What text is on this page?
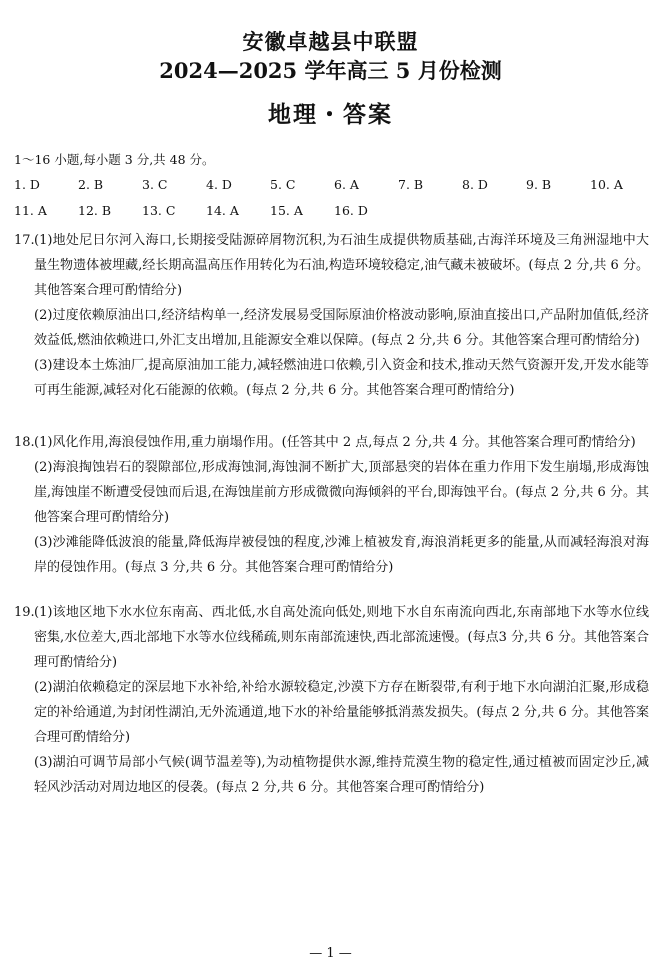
安徽卓越县中联盟
2024—2025 学年高三 5 月份检测
地理・答案
1～16 小题,每小题 3 分,共 48 分。
1. D	2. B	3. C	4. D	5. C	6. A	7. B	8. D	9. B	10. A
11. A 12. B 13. C 14. A 15. A 16. D
17. (1)地处尼日尔河入海口,长期接受陆源碎屑物沉积,为石油生成提供物质基础,古海洋环境及三角洲湿地中大量生物遗体被埋藏,经长期高温高压作用转化为石油,构造环境较稳定,油气藏未被破坏。(每点 2 分,共 6 分。其他答案合理可酌情给分)
(2)过度依赖原油出口,经济结构单一,经济发展易受国际原油价格波动影响,原油直接出口,产品附加值低,经济效益低,燃油依赖进口,外汇支出增加,且能源安全难以保障。(每点 2 分,共 6 分。其他答案合理可酌情给分)
(3)建设本土炼油厂,提高原油加工能力,减轻燃油进口依赖,引入资金和技术,推动天然气资源开发,开发水能等可再生能源,减轻对化石能源的依赖。(每点 2 分,共 6 分。其他答案合理可酌情给分)
18. (1)风化作用,海浪侵蚀作用,重力崩塌作用。(任答其中 2 点,每点 2 分,共 4 分。其他答案合理可酌情给分)
(2)海浪掏蚀岩石的裂隙部位,形成海蚀洞,海蚀洞不断扩大,顶部悬突的岩体在重力作用下发生崩塌,形成海蚀崖,海蚀崖不断遭受侵蚀而后退,在海蚀崖前方形成微微向海倾斜的平台,即海蚀平台。(每点 2 分,共 6 分。其他答案合理可酌情给分)
(3)沙滩能降低波浪的能量,降低海岸被侵蚀的程度,沙滩上植被发育,海浪消耗更多的能量,从而减轻海浪对海岸的侵蚀作用。(每点 3 分,共 6 分。其他答案合理可酌情给分)
19. (1)该地区地下水水位东南高、西北低,水自高处流向低处,则地下水自东南流向西北,东南部地下水等水位线密集,水位差大,西北部地下水等水位线稀疏,则东南部流速快,西北部流速慢。(每点3 分,共 6 分。其他答案合理可酌情给分)
(2)湖泊依赖稳定的深层地下水补给,补给水源较稳定,沙漠下方存在断裂带,有利于地下水向湖泊汇聚,形成稳定的补给通道,为封闭性湖泊,无外流通道,地下水的补给量能够抵消蒸发损失。(每点 2 分,共 6 分。其他答案合理可酌情给分)
(3)湖泊可调节局部小气候(调节温差等),为动植物提供水源,维持荒漠生物的稳定性,通过植被而固定沙丘,减轻风沙活动对周边地区的侵袭。(每点 2 分,共 6 分。其他答案合理可酌情给分)
— 1 —
